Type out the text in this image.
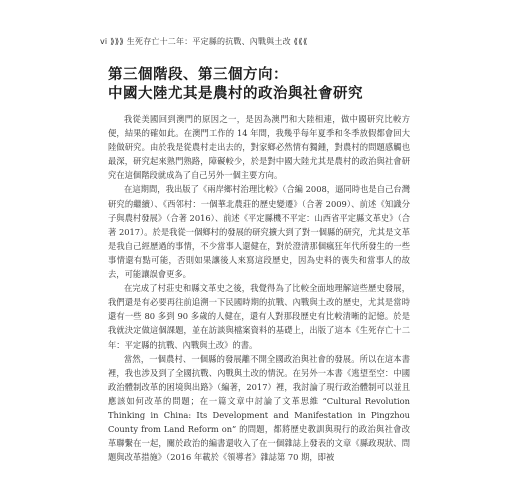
vi ⟫⟫⟫ 生死存亡十二年：平定縣的抗戰、內戰與土改 ⟪⟪⟪
第三個階段、第三個方向：
中國大陸尤其是農村的政治與社會研究

我從美國回到澳門的原因之一，是因為澳門和大陸相連，做中國研究比較方便，結果的確如此。在澳門工作的 14 年間，我幾乎每年夏季和冬季放假都會回大陸做研究。由於我是從農村走出去的，對家鄉必然情有獨鍾，對農村的問題感觸也最深，研究起來熟門熟路，障礙較少，於是對中國大陸尤其是農村的政治與社會研究在這個階段就成為了自己另外一個主要方向。

在這期間，我出版了《兩岸鄉村治理比較》（合編 2008，逼同時也是自己台灣研究的繼續）、《西邻村：一個華北農莊的歷史變遷》（合著 2009）、前述《知識分子與農村發展》（合著 2016）、前述《平定縣機不平定：山西省平定縣文革史》（合著 2017）。於是我從一個鄉村的發展的研究擴大到了對一個縣的研究，尤其是文革是我自己經歷過的事情，不少當事人還健在，對於澄清那個瘋狂年代所發生的一些事情還有點可能，否則如果讓後人來寫這段歷史，因為史料的喪失和當事人的故去，可能讓誤會更多。

在完成了村莊史和縣文革史之後，我覺得為了比較全面地理解這些歷史發展，我們還是有必要再往前追溯一下民國時期的抗戰、內戰與土改的歷史，尤其是當時還有一些 80 多到 90 多歲的人健在，還有人對那段歷史有比較清晰的記憶。於是我就決定做這個課題，並在訪談與檔案資料的基礎上，出版了這本《生死存亡十二年：平定縣的抗戰、內戰與土改》的書。

當然，一個農村、一個縣的發展離不開全國政治與社會的發展。所以在這本書裡，我也涉及到了全國抗戰、內戰與土改的情況。在另外一本書《逃望至空：中國政治體制改革的困境與出路》（編著，2017）裡，我討論了現行政治體制可以並且應該如何改革的問題；在一篇文章中討論了文革思維 “Cultural Revolution Thinking in China: Its Development and Manifestation in Pingzhou County from Land Reform on” 的問題，都將歷史教訓與現行的政治與社會改革聯繫在一起，關於政治的編書還收入了在一個雜誌上發表的文章《縣政現狀、問題與改革措施》（2016 年載於《領導者》雜誌第 70 期，即被
